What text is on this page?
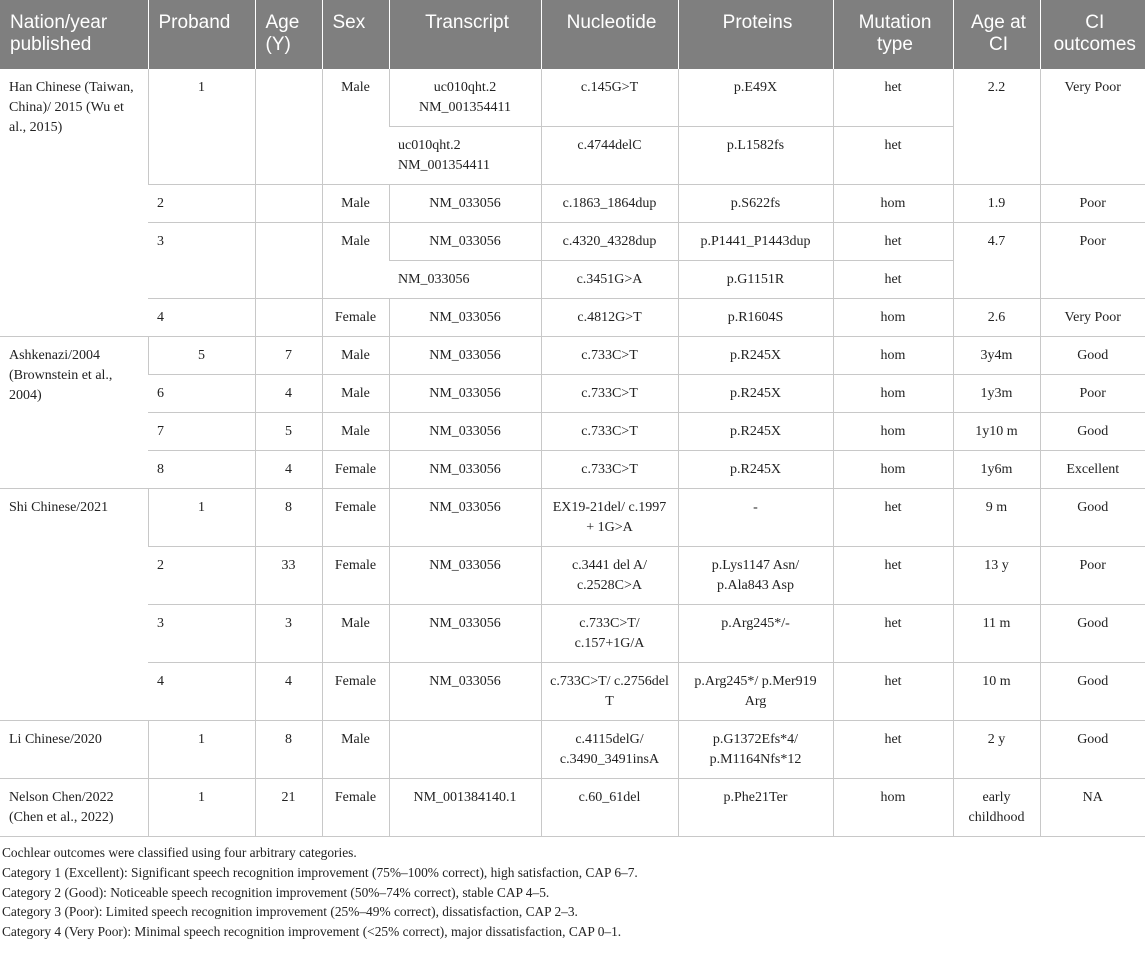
Nation/year published	Proband	Age (Y)	Sex	Transcript	Nucleotide	Proteins	Mutation type	Age at CI	CI outcomes
Han Chinese (Taiwan, China)/ 2015 (Wu et al., 2015)	1		Male	uc010qht.2 NM_001354411	c.145G>T	p.E49X	het	2.2	Very Poor
				uc010qht.2 NM_001354411	c.4744delC	p.L1582fs	het		
	2		Male	NM_033056	c.1863_1864dup	p.S622fs	hom	1.9	Poor
	3		Male	NM_033056	c.4320_4328dup	p.P1441_P1443dup	het	4.7	Poor
				NM_033056	c.3451G>A	p.G1151R	het		
	4		Female	NM_033056	c.4812G>T	p.R1604S	hom	2.6	Very Poor
Ashkenazi/2004 (Brownstein et al., 2004)	5	7	Male	NM_033056	c.733C>T	p.R245X	hom	3y4m	Good
	6	4	Male	NM_033056	c.733C>T	p.R245X	hom	1y3m	Poor
	7	5	Male	NM_033056	c.733C>T	p.R245X	hom	1y10 m	Good
	8	4	Female	NM_033056	c.733C>T	p.R245X	hom	1y6m	Excellent
Shi Chinese/2021	1	8	Female	NM_033056	EX19-21del/ c.1997 + 1G>A	-	het	9 m	Good
	2	33	Female	NM_033056	c.3441 del A/ c.2528C>A	p.Lys1147 Asn/ p.Ala843 Asp	het	13 y	Poor
	3	3	Male	NM_033056	c.733C>T/ c.157+1G/A	p.Arg245*/-	het	11 m	Good
	4	4	Female	NM_033056	c.733C>T/ c.2756del T	p.Arg245*/ p.Mer919 Arg	het	10 m	Good
Li Chinese/2020	1	8	Male		c.4115delG/ c.3490_3491insA	p.G1372Efs*4/ p.M1164Nfs*12	het	2 y	Good
Nelson Chen/2022 (Chen et al., 2022)	1	21	Female	NM_001384140.1	c.60_61del	p.Phe21Ter	hom	early childhood	NA
Cochlear outcomes were classified using four arbitrary categories.
Category 1 (Excellent): Significant speech recognition improvement (75%–100% correct), high satisfaction, CAP 6–7.
Category 2 (Good): Noticeable speech recognition improvement (50%–74% correct), stable CAP 4–5.
Category 3 (Poor): Limited speech recognition improvement (25%–49% correct), dissatisfaction, CAP 2–3.
Category 4 (Very Poor): Minimal speech recognition improvement (<25% correct), major dissatisfaction, CAP 0–1.
